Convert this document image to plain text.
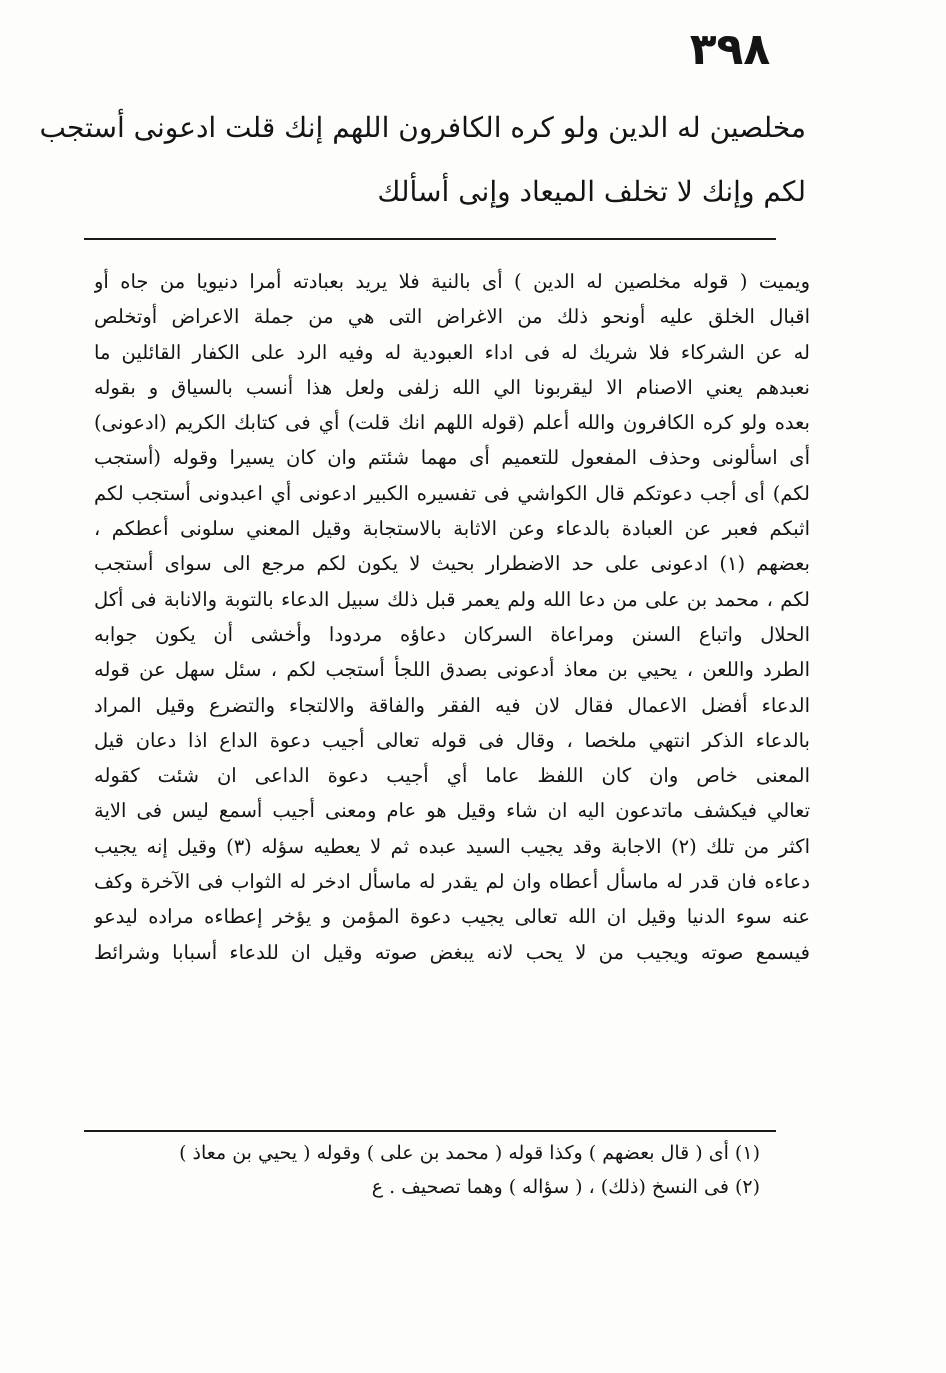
٣٩٨

مخلصين له الدين ولو كره الكافرون اللهم إنك قلت ادعونى أستجب

لكم وإنك لا تخلف الميعاد وإنى أسألك

ويميت ( قوله مخلصين له الدين ) أى بالنية فلا يريد بعبادته أمرا دنيويا من جاه أو

اقبال الخلق عليه أونحو ذلك من الاغراض التى هي من جملة الاعراض أوتخلص

له عن الشركاء فلا شريك له فى اداء العبودية له وفيه الرد على الكفار القائلين ما

نعبدهم يعني الاصنام الا ليقربونا الي الله زلفى ولعل هذا أنسب بالسياق و بقوله

بعده ولو كره الكافرون والله أعلم (قوله اللهم انك قلت) أي فى كتابك الكريم (ادعونى)

أى اسألونى وحذف المفعول للتعميم أى مهما شئتم وان كان يسيرا وقوله (أستجب

لكم) أى أجب دعوتكم قال الكواشي فى تفسيره الكبير ادعونى أي اعبدونى أستجب لكم

اثبكم فعبر عن العبادة بالدعاء وعن الاثابة بالاستجابة وقيل المعني سلونى أعطكم ،

بعضهم (١) ادعونى على حد الاضطرار بحيث لا يكون لكم مرجع الى سواى أستجب

لكم ، محمد بن على من دعا الله ولم يعمر قبل ذلك سبيل الدعاء بالتوبة والانابة فى أكل

الحلال واتباع السنن ومراعاة السركان دعاؤه مردودا وأخشى أن يكون جوابه

الطرد واللعن ، يحيي بن معاذ أدعونى بصدق اللجأ أستجب لكم ، سئل سهل عن قوله

الدعاء أفضل الاعمال فقال لان فيه الفقر والفاقة والالتجاء والتضرع وقيل المراد

بالدعاء الذكر انتهي ملخصا ، وقال فى قوله تعالى أجيب دعوة الداع اذا دعان قيل

المعنى خاص وان كان اللفظ عاما أي أجيب دعوة الداعى ان شئت كقوله

تعالي فيكشف ماتدعون اليه ان شاء وقيل هو عام ومعنى أجيب أسمع ليس فى الاية

اكثر من تلك (٢) الاجابة وقد يجيب السيد عبده ثم لا يعطيه سؤله (٣) وقيل إنه يجيب

دعاءه فان قدر له ماسأل أعطاه وان لم يقدر له ماسأل ادخر له الثواب فى الآخرة وكف

عنه سوء الدنيا وقيل ان الله تعالى يجيب دعوة المؤمن و يؤخر إعطاءه مراده ليدعو

فيسمع صوته ويجيب من لا يحب لانه يبغض صوته وقيل ان للدعاء أسبابا وشرائط

(١) أى ( قال بعضهم ) وكذا قوله ( محمد بن على ) وقوله ( يحيي بن معاذ )

(٢) فى النسخ (ذلك) ، ( سؤاله ) وهما تصحيف . ع
